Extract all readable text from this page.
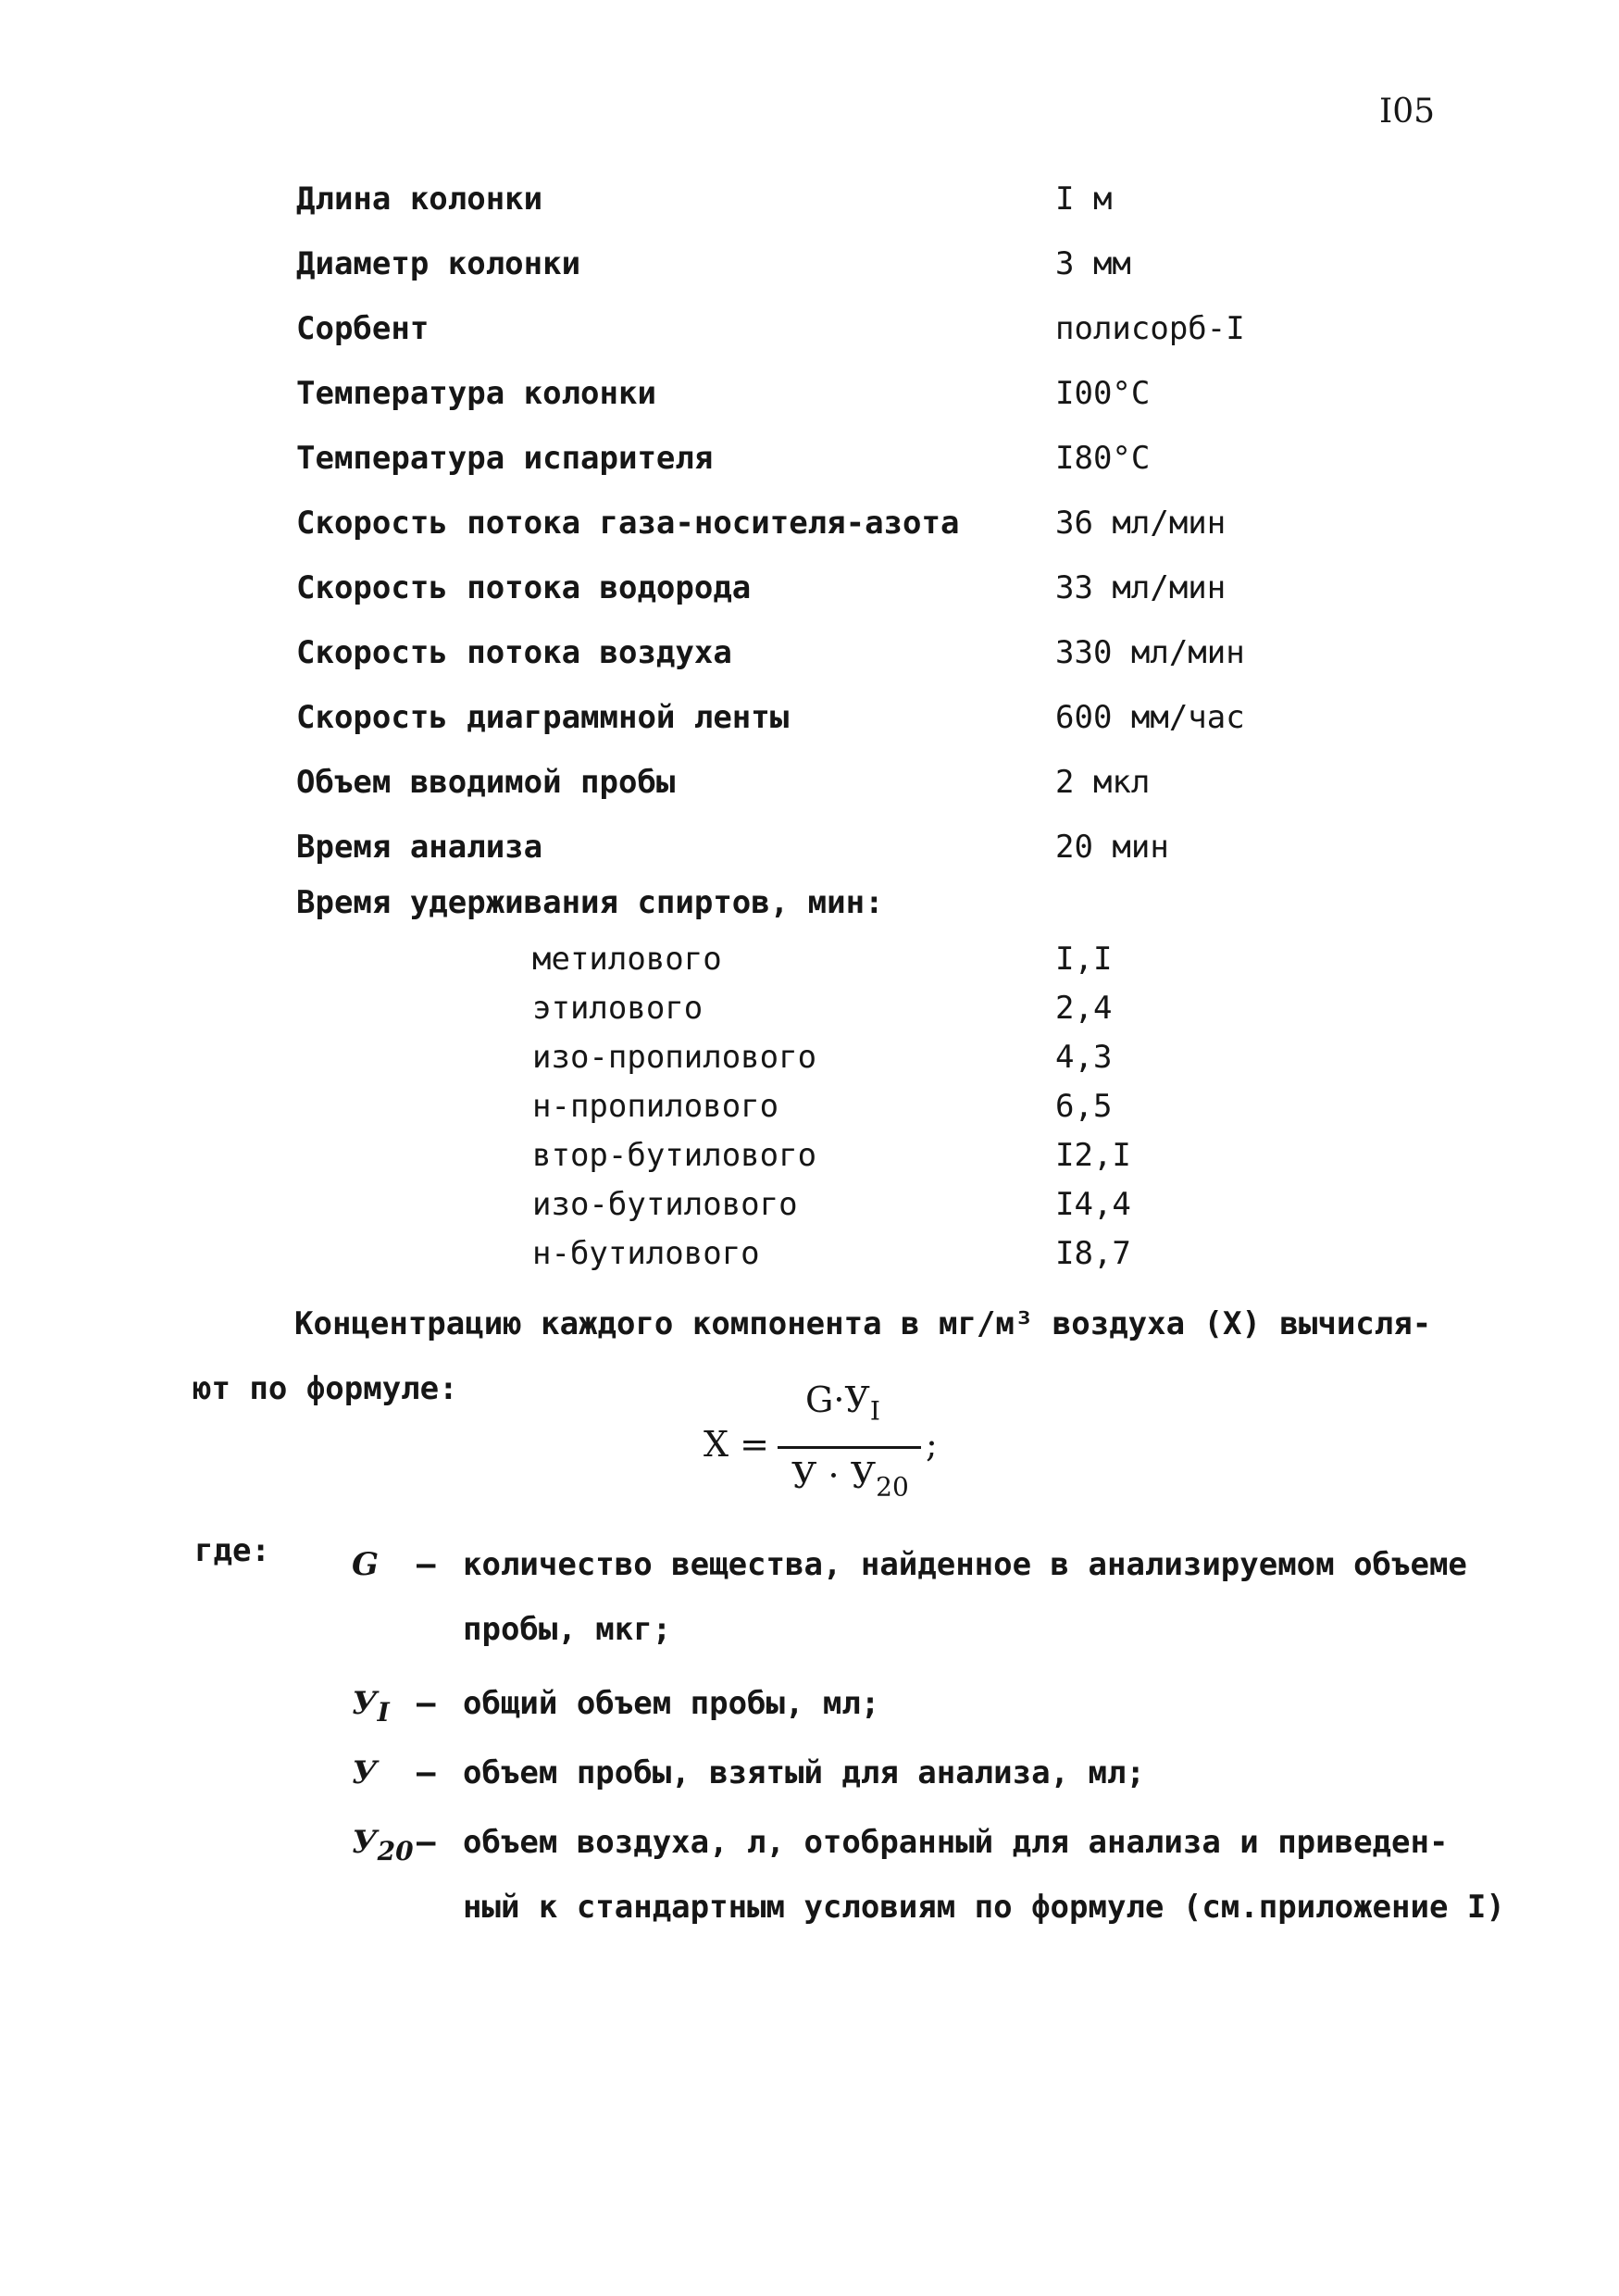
I05
Длина колонки	I м
Диаметр колонки	3 мм
Сорбент	полисорб-I
Температура колонки	I00°С
Температура испарителя	I80°С
Скорость потока газа-носителя-азота	36 мл/мин
Скорость потока водорода	33 мл/мин
Скорость потока воздуха	330 мл/мин
Скорость диаграммной ленты	600 мм/час
Объем вводимой пробы	2 мкл
Время анализа	20 мин
Время удерживания спиртов, мин:
метилового	I,I
этилового	2,4
изо-пропилового	4,3
н-пропилового	6,5
втор-бутилового	I2,I
изо-бутилового	I4,4
н-бутилового	I8,7
Концентрацию каждого компонента в мг/м³ воздуха (X) вычисля-
ют по формуле:
X =
$G\cdot У_I$
$У \cdot У_{20}$
;
где:	G	– количество вещества, найденное в анализируемом объеме
пробы, мкг;
$У_I$ – общий объем пробы, мл;
У	– объем пробы, взятый для анализа, мл;
$У_{20}$ – объем воздуха, л, отобранный для анализа и приведен-
ный к стандартным условиям по формуле (см.приложение I)
